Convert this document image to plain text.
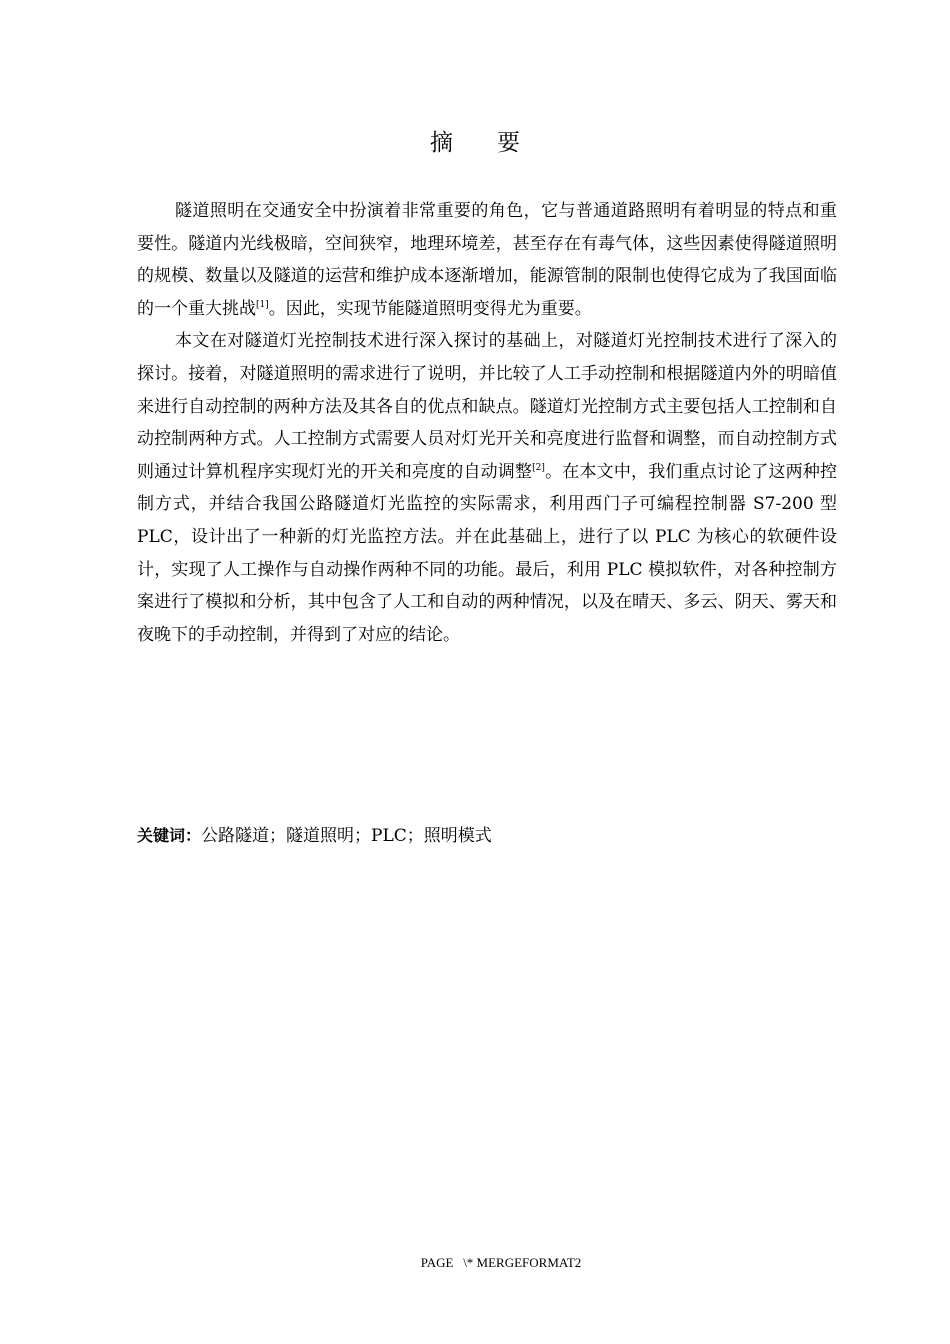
摘要

隧道照明在交通安全中扮演着非常重要的角色，它与普通道路照明有着明显的特点和重要性。隧道内光线极暗，空间狭窄，地理环境差，甚至存在有毒气体，这些因素使得隧道照明的规模、数量以及隧道的运营和维护成本逐渐增加，能源管制的限制也使得它成为了我国面临的一个重大挑战[1]。因此，实现节能隧道照明变得尤为重要。

本文在对隧道灯光控制技术进行深入探讨的基础上，对隧道灯光控制技术进行了深入的探讨。接着，对隧道照明的需求进行了说明，并比较了人工手动控制和根据隧道内外的明暗值来进行自动控制的两种方法及其各自的优点和缺点。隧道灯光控制方式主要包括人工控制和自动控制两种方式。人工控制方式需要人员对灯光开关和亮度进行监督和调整，而自动控制方式则通过计算机程序实现灯光的开关和亮度的自动调整[2]。在本文中，我们重点讨论了这两种控制方式，并结合我国公路隧道灯光监控的实际需求，利用西门子可编程控制器 S7-200 型 PLC，设计出了一种新的灯光监控方法。并在此基础上，进行了以 PLC 为核心的软硬件设计，实现了人工操作与自动操作两种不同的功能。最后，利用 PLC 模拟软件，对各种控制方案进行了模拟和分析，其中包含了人工和自动的两种情况，以及在晴天、多云、阴天、雾天和夜晚下的手动控制，并得到了对应的结论。

关键词：公路隧道；隧道照明；PLC；照明模式
PAGE   \* MERGEFORMAT2
